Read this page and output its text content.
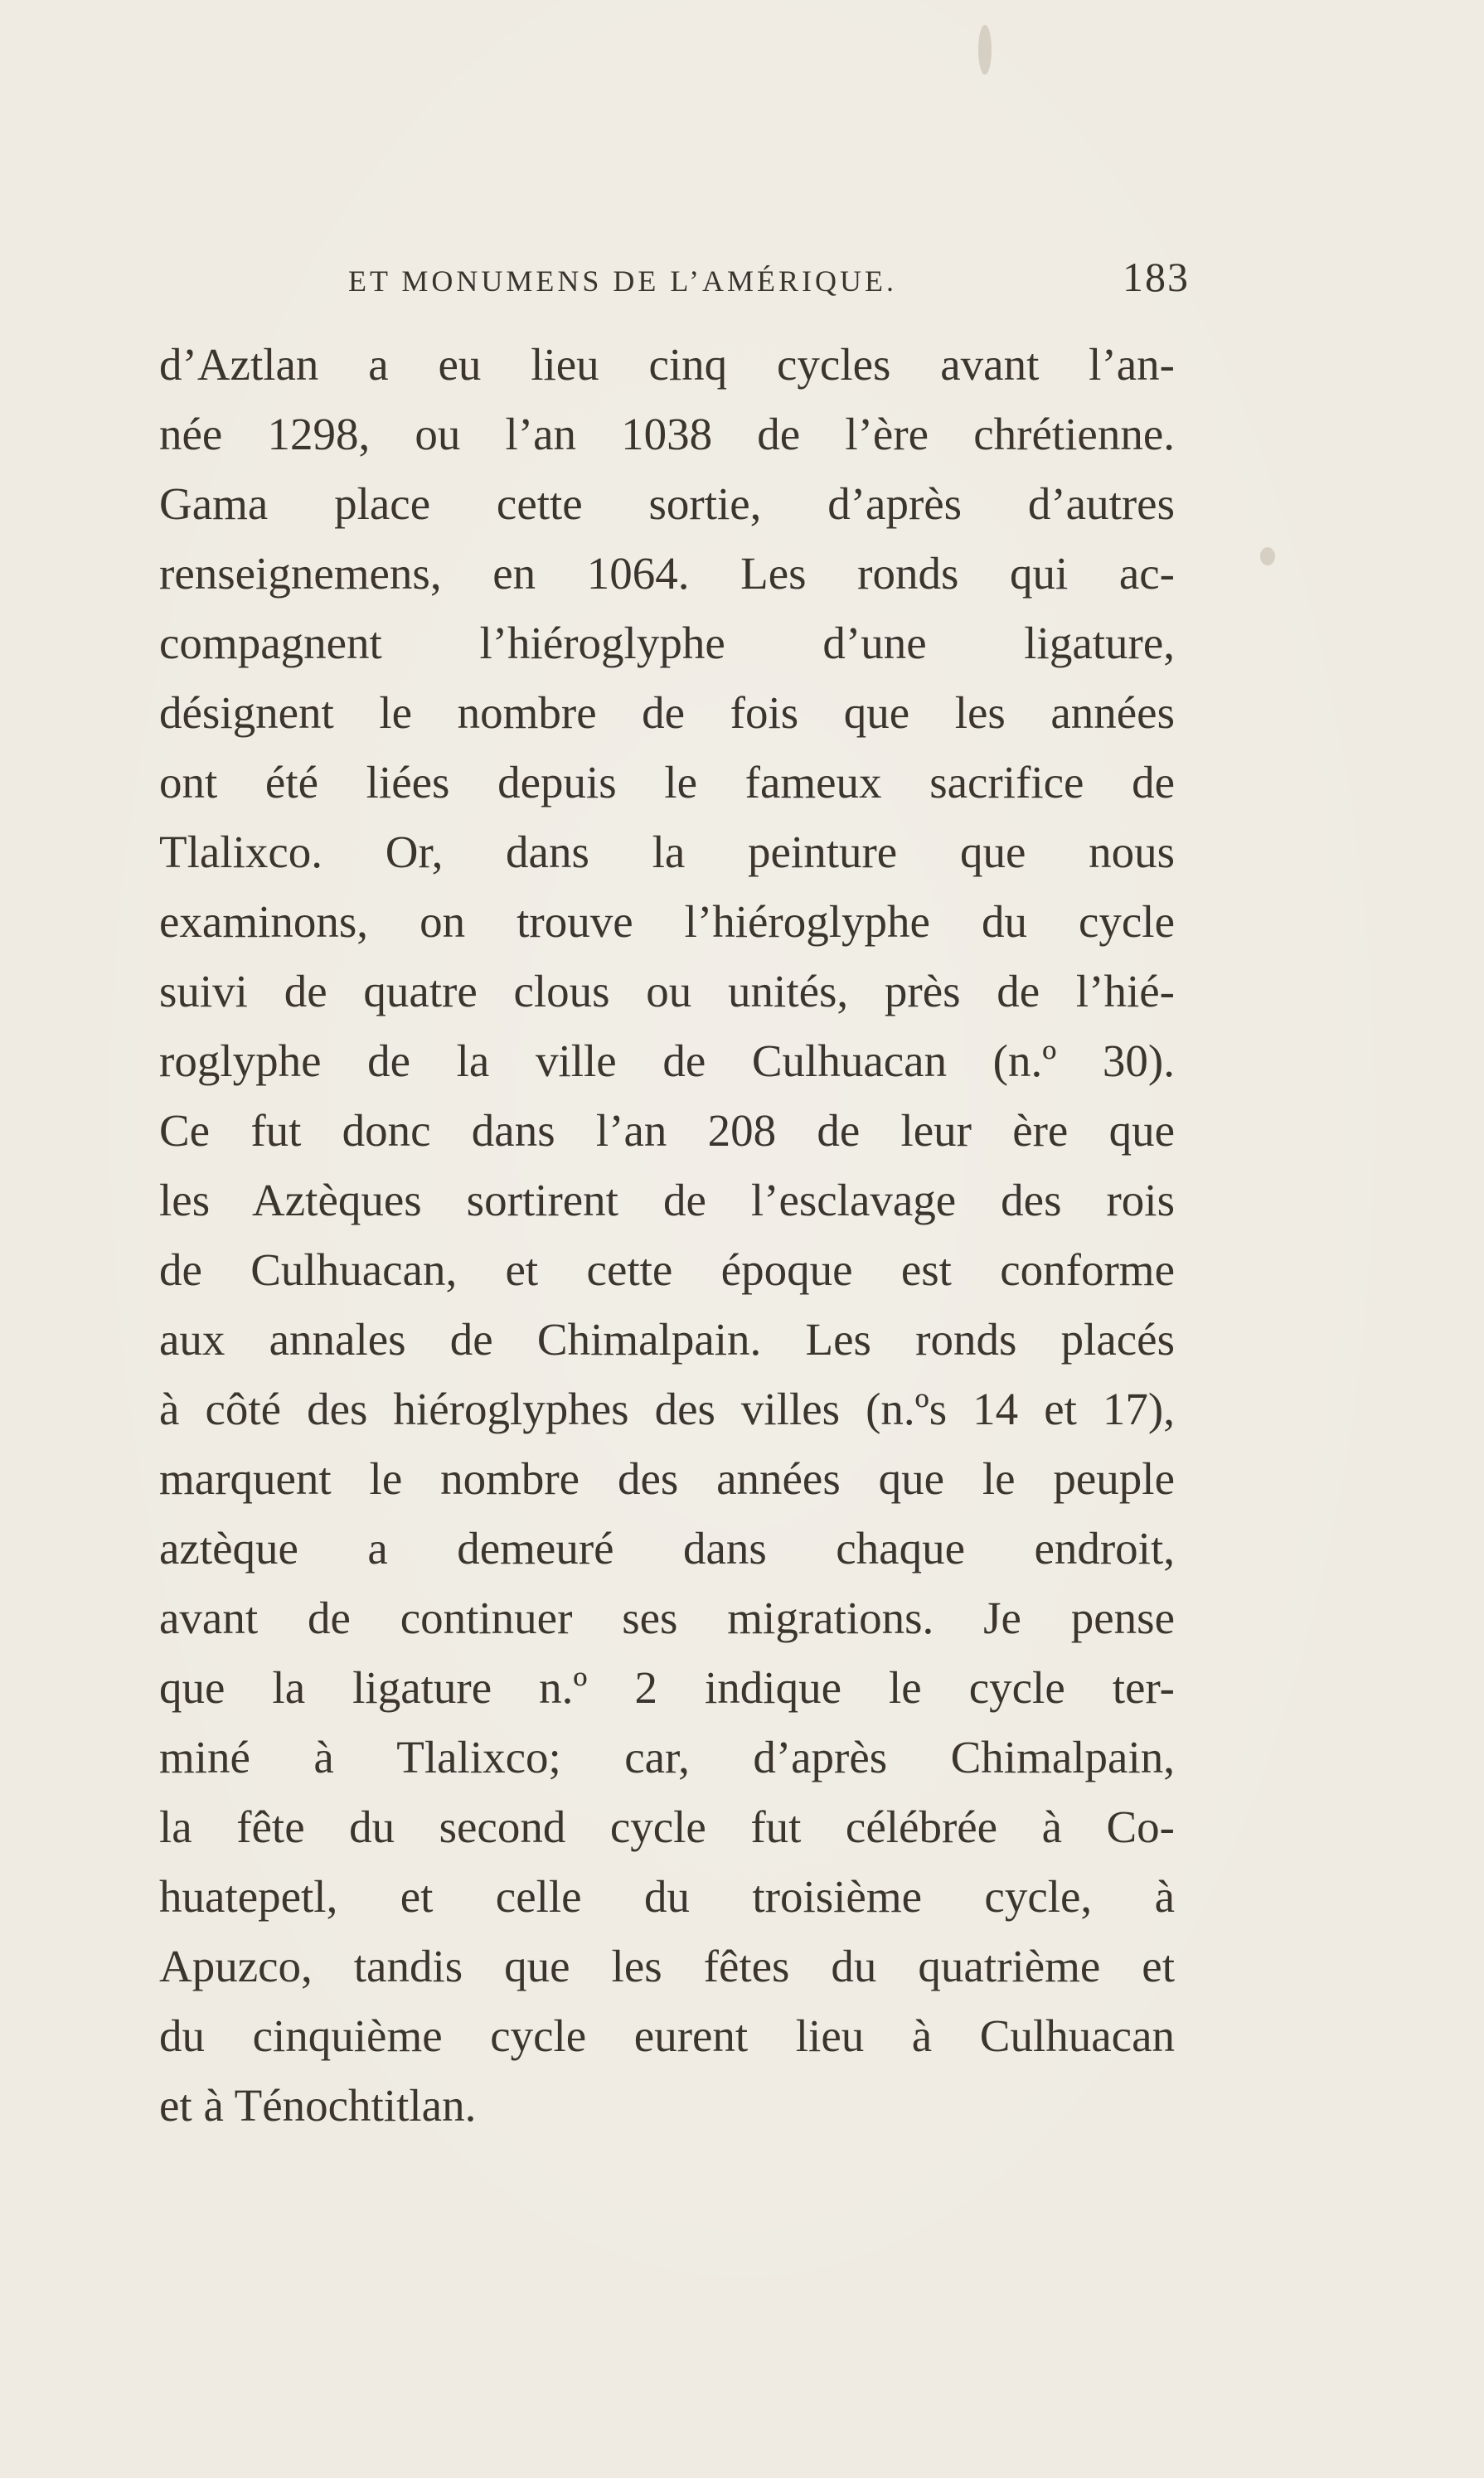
ET MONUMENS DE L’AMÉRIQUE.	183
d’Aztlan a eu lieu cinq cycles avant l’an-
née 1298, ou l’an 1038 de l’ère chrétienne.
Gama place cette sortie, d’après d’autres
renseignemens, en 1064. Les ronds qui ac-
compagnent l’hiéroglyphe d’une ligature,
désignent le nombre de fois que les années
ont été liées depuis le fameux sacrifice de
Tlalixco. Or, dans la peinture que nous
examinons, on trouve l’hiéroglyphe du cycle
suivi de quatre clous ou unités, près de l’hié-
roglyphe de la ville de Culhuacan (n.º 30).
Ce fut donc dans l’an 208 de leur ère que
les Aztèques sortirent de l’esclavage des rois
de Culhuacan, et cette époque est conforme
aux annales de Chimalpain. Les ronds placés
à côté des hiéroglyphes des villes (n.ºs 14 et 17),
marquent le nombre des années que le peuple
aztèque a demeuré dans chaque endroit,
avant de continuer ses migrations. Je pense
que la ligature n.º 2 indique le cycle ter-
miné à Tlalixco; car, d’après Chimalpain,
la fête du second cycle fut célébrée à Co-
huatepetl, et celle du troisième cycle, à
Apuzco, tandis que les fêtes du quatrième et
du cinquième cycle eurent lieu à Culhuacan
et à Ténochtitlan.
